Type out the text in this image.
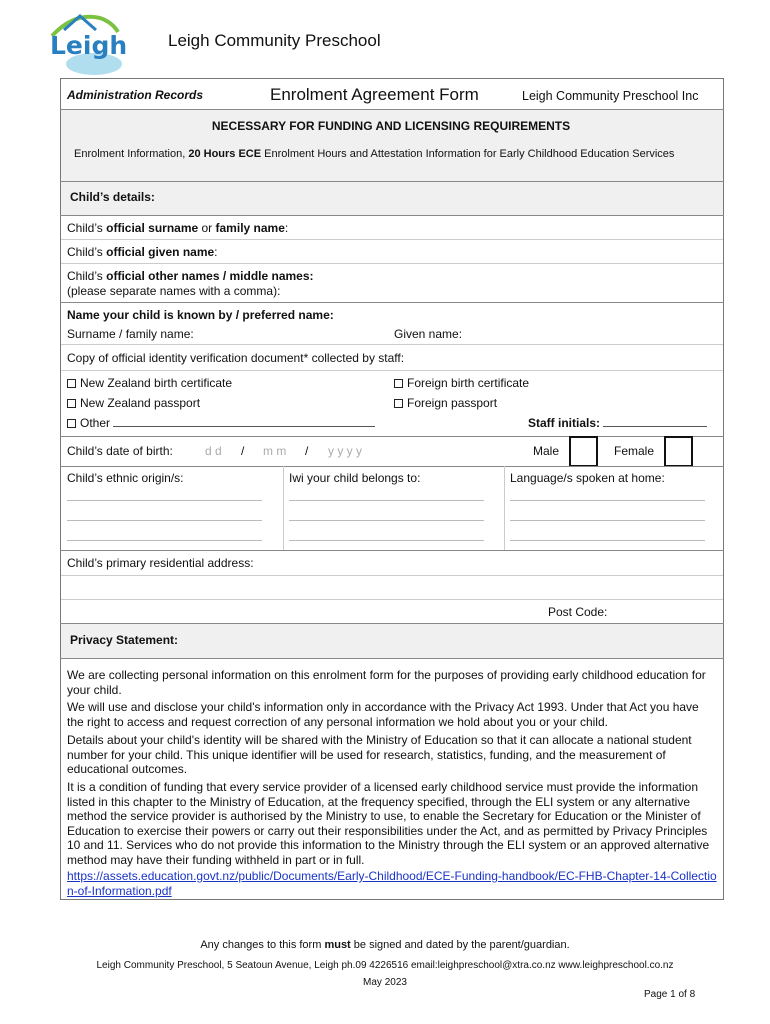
Leigh Leigh Community Preschool
Administration Records	Enrolment Agreement Form	Leigh Community Preschool Inc
NECESSARY FOR FUNDING AND LICENSING REQUIREMENTS
Enrolment Information, 20 Hours ECE Enrolment Hours and Attestation Information for Early Childhood Education Services
Child’s details:
Child’s official surname or family name:
Child’s official given name:
Child’s official other names / middle names:
(please separate names with a comma):
Name your child is known by / preferred name:
Surname / family name:	Given name:
Copy of official identity verification document* collected by staff:
New Zealand birth certificate	Foreign birth certificate
New Zealand passport	Foreign passport
Other	Staff initials:
Child’s date of birth:	d d / m m / y y y y	Male	Female
Child’s ethnic origin/s:	Iwi your child belongs to:	Language/s spoken at home:
Child’s primary residential address:
Post Code:
Privacy Statement:
We are collecting personal information on this enrolment form for the purposes of providing early childhood education for your child.
We will use and disclose your child's information only in accordance with the Privacy Act 1993. Under that Act you have the right to access and request correction of any personal information we hold about you or your child.
Details about your child's identity will be shared with the Ministry of Education so that it can allocate a national student number for your child. This unique identifier will be used for research, statistics, funding, and the measurement of educational outcomes.
It is a condition of funding that every service provider of a licensed early childhood service must provide the information listed in this chapter to the Ministry of Education, at the frequency specified, through the ELI system or any alternative method the service provider is authorised by the Ministry to use, to enable the Secretary for Education or the Minister of Education to exercise their powers or carry out their responsibilities under the Act, and as permitted by Privacy Principles 10 and 11. Services who do not provide this information to the Ministry through the ELI system or an approved alternative method may have their funding withheld in part or in full.
https://assets.education.govt.nz/public/Documents/Early-Childhood/ECE-Funding-handbook/EC-FHB-Chapter-14-Collection-of-Information.pdf
Any changes to this form must be signed and dated by the parent/guardian.
Leigh Community Preschool, 5 Seatoun Avenue, Leigh ph.09 4226516 email:leighpreschool@xtra.co.nz www.leighpreschool.co.nz
May 2023
Page 1 of 8
